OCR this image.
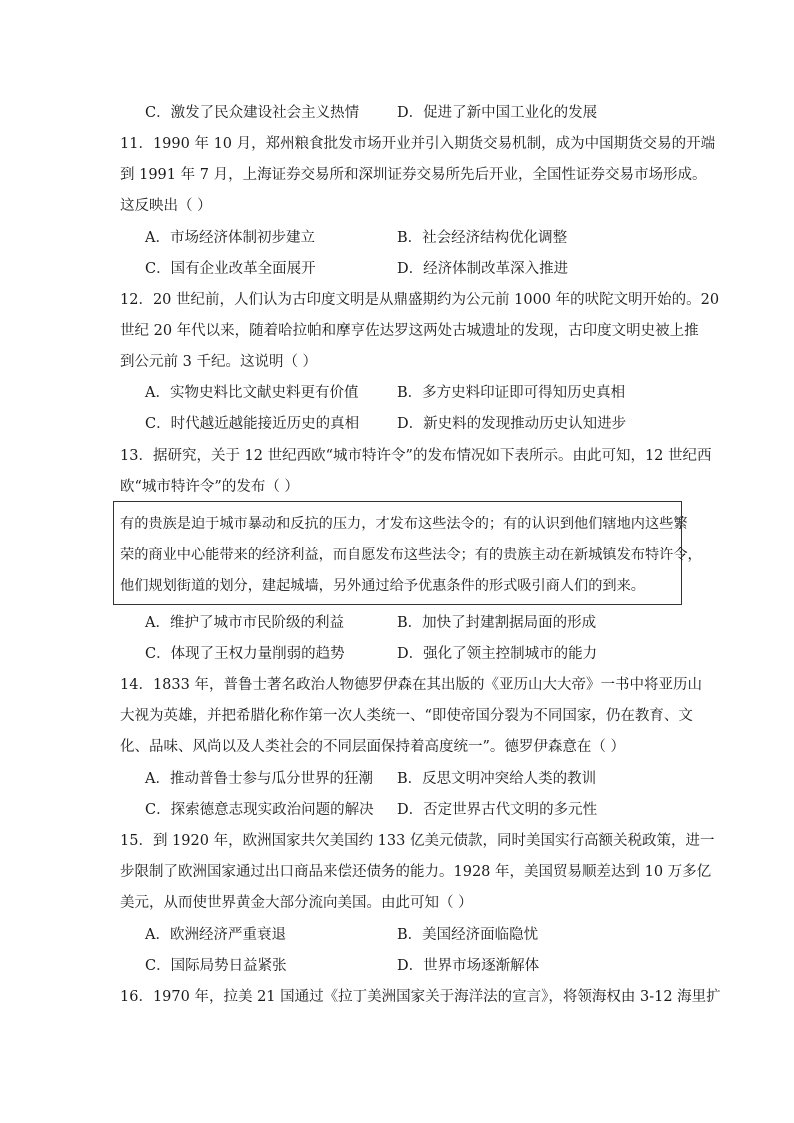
C．激发了民众建设社会主义热情	D．促进了新中国工业化的发展
11．1990 年 10 月，郑州粮食批发市场开业并引入期货交易机制，成为中国期货交易的开端
到 1991 年 7 月，上海证券交易所和深圳证券交易所先后开业，全国性证券交易市场形成。
这反映出（ ）
A．市场经济体制初步建立	B．社会经济结构优化调整
C．国有企业改革全面展开	D．经济体制改革深入推进
12．20 世纪前，人们认为古印度文明是从鼎盛期约为公元前 1000 年的吠陀文明开始的。20
世纪 20 年代以来，随着哈拉帕和摩亨佐达罗这两处古城遗址的发现，古印度文明史被上推
到公元前 3 千纪。这说明（ ）
A．实物史料比文献史料更有价值	B．多方史料印证即可得知历史真相
C．时代越近越能接近历史的真相	D．新史料的发现推动历史认知进步
13．据研究，关于 12 世纪西欧“城市特许令”的发布情况如下表所示。由此可知，12 世纪西
欧“城市特许令”的发布（ ）
有的贵族是迫于城市暴动和反抗的压力，才发布这些法令的；有的认识到他们辖地内这些繁
荣的商业中心能带来的经济利益，而自愿发布这些法令；有的贵族主动在新城镇发布特许令，
他们规划街道的划分，建起城墙，另外通过给予优惠条件的形式吸引商人们的到来。
A．维护了城市市民阶级的利益	B．加快了封建割据局面的形成
C．体现了王权力量削弱的趋势	D．强化了领主控制城市的能力
14．1833 年，普鲁士著名政治人物德罗伊森在其出版的《亚历山大大帝》一书中将亚历山
大视为英雄，并把希腊化称作第一次人类统一、“即使帝国分裂为不同国家，仍在教育、文
化、品味、风尚以及人类社会的不同层面保持着高度统一”。德罗伊森意在（ ）
A．推动普鲁士参与瓜分世界的狂潮 B．反思文明冲突给人类的教训
C．探索德意志现实政治问题的解决 D．否定世界古代文明的多元性
15．到 1920 年，欧洲国家共欠美国约 133 亿美元债款，同时美国实行高额关税政策，进一
步限制了欧洲国家通过出口商品来偿还债务的能力。1928 年，美国贸易顺差达到 10 万多亿
美元，从而使世界黄金大部分流向美国。由此可知（ ）
A．欧洲经济严重衰退	B．美国经济面临隐忧
C．国际局势日益紧张	D．世界市场逐渐解体
16．1970 年，拉美 21 国通过《拉丁美洲国家关于海洋法的宣言》，将领海权由 3-12 海里扩
